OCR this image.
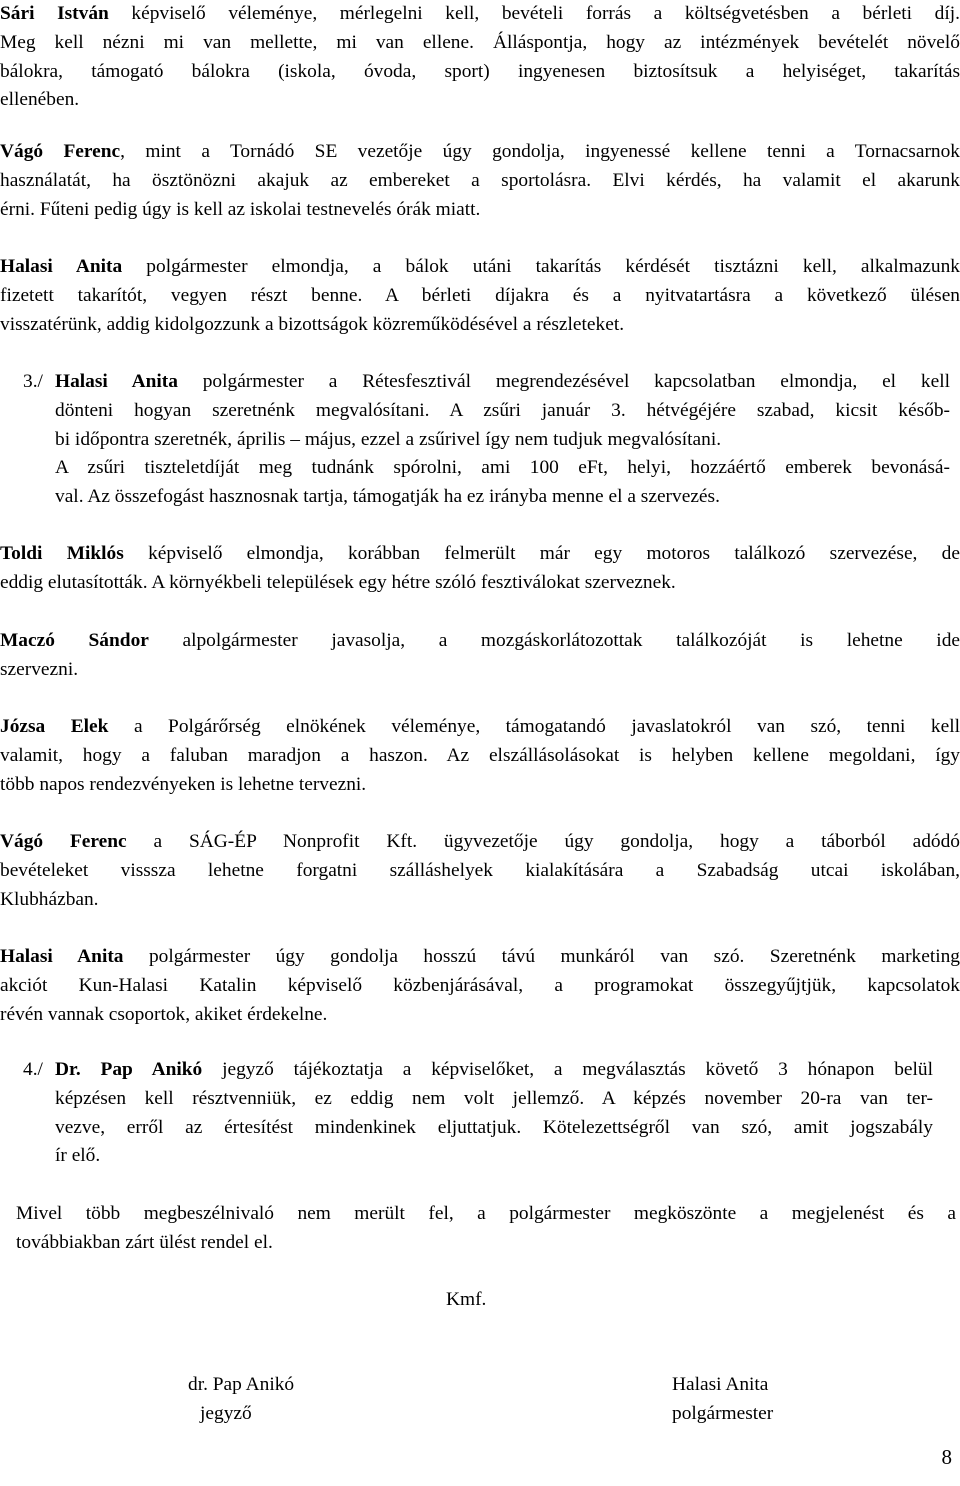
Sári István képviselő véleménye, mérlegelni kell, bevételi forrás a költségvetésben a bérleti díj.
Meg kell nézni mi van mellette, mi van ellene. Álláspontja, hogy az intézmények bevételét növelő
bálokra, támogató bálokra (iskola, óvoda, sport) ingyenesen biztosítsuk a helyiséget, takarítás
ellenében.
Vágó Ferenc, mint a Tornádó SE vezetője úgy gondolja, ingyenessé kellene tenni a Tornacsarnok
használatát, ha ösztönözni akajuk az embereket a sportolásra. Elvi kérdés, ha valamit el akarunk
érni. Fűteni pedig úgy is kell az iskolai testnevelés órák miatt.
Halasi Anita polgármester elmondja, a bálok utáni takarítás kérdését tisztázni kell, alkalmazunk
fizetett takarítót, vegyen részt benne. A bérleti díjakra és a nyitvatartásra a következő ülésen
visszatérünk, addig kidolgozzunk a bizottságok közreműködésével a részleteket.

3./ Halasi Anita polgármester a Rétesfesztivál megrendezésével kapcsolatban elmondja, el kell
dönteni hogyan szeretnénk megvalósítani. A zsűri január 3. hétvégéjére szabad, kicsit későb-
bi időpontra szeretnék, április – május, ezzel a zsűrivel így nem tudjuk megvalósítani.
A zsűri tiszteletdíját meg tudnánk spórolni, ami 100 eFt, helyi, hozzáértő emberek bevonásá-
val. Az összefogást hasznosnak tartja, támogatják ha ez irányba menne el a szervezés.
Toldi Miklós képviselő elmondja, korábban felmerült már egy motoros találkozó szervezése, de
eddig elutasították. A környékbeli települések egy hétre szóló fesztiválokat szerveznek.
Maczó Sándor alpolgármester javasolja, a mozgáskorlátozottak találkozóját is lehetne ide
szervezni.
Józsa Elek a Polgárőrség elnökének véleménye, támogatandó javaslatokról van szó, tenni kell
valamit, hogy a faluban maradjon a haszon. Az elszállásolásokat is helyben kellene megoldani, így
több napos rendezvényeken is lehetne tervezni.
Vágó Ferenc a SÁG-ÉP Nonprofit Kft. ügyvezetője úgy gondolja, hogy a táborból adódó
bevételeket visssza lehetne forgatni szálláshelyek kialakítására a Szabadság utcai iskolában,
Klubházban.
Halasi Anita polgármester úgy gondolja hosszú távú munkáról van szó. Szeretnénk marketing
akciót Kun-Halasi Katalin képviselő közbenjárásával, a programokat összegyűjtjük, kapcsolatok
révén vannak csoportok, akiket érdekelne.

4./ Dr. Pap Anikó jegyző tájékoztatja a képviselőket, a megválasztás követő 3 hónapon belül
képzésen kell résztvenniük, ez eddig nem volt jellemző. A képzés november 20-ra van ter-
vezve, erről az értesítést mindenkinek eljuttatjuk. Kötelezettségről van szó, amit jogszabály
ír elő.
Mivel több megbeszélnivaló nem merült fel, a polgármester megköszönte a megjelenést és a
továbbiakban zárt ülést rendel el.

Kmf.

dr. Pap Anikó

jegyző

Halasi Anita

polgármester

8
